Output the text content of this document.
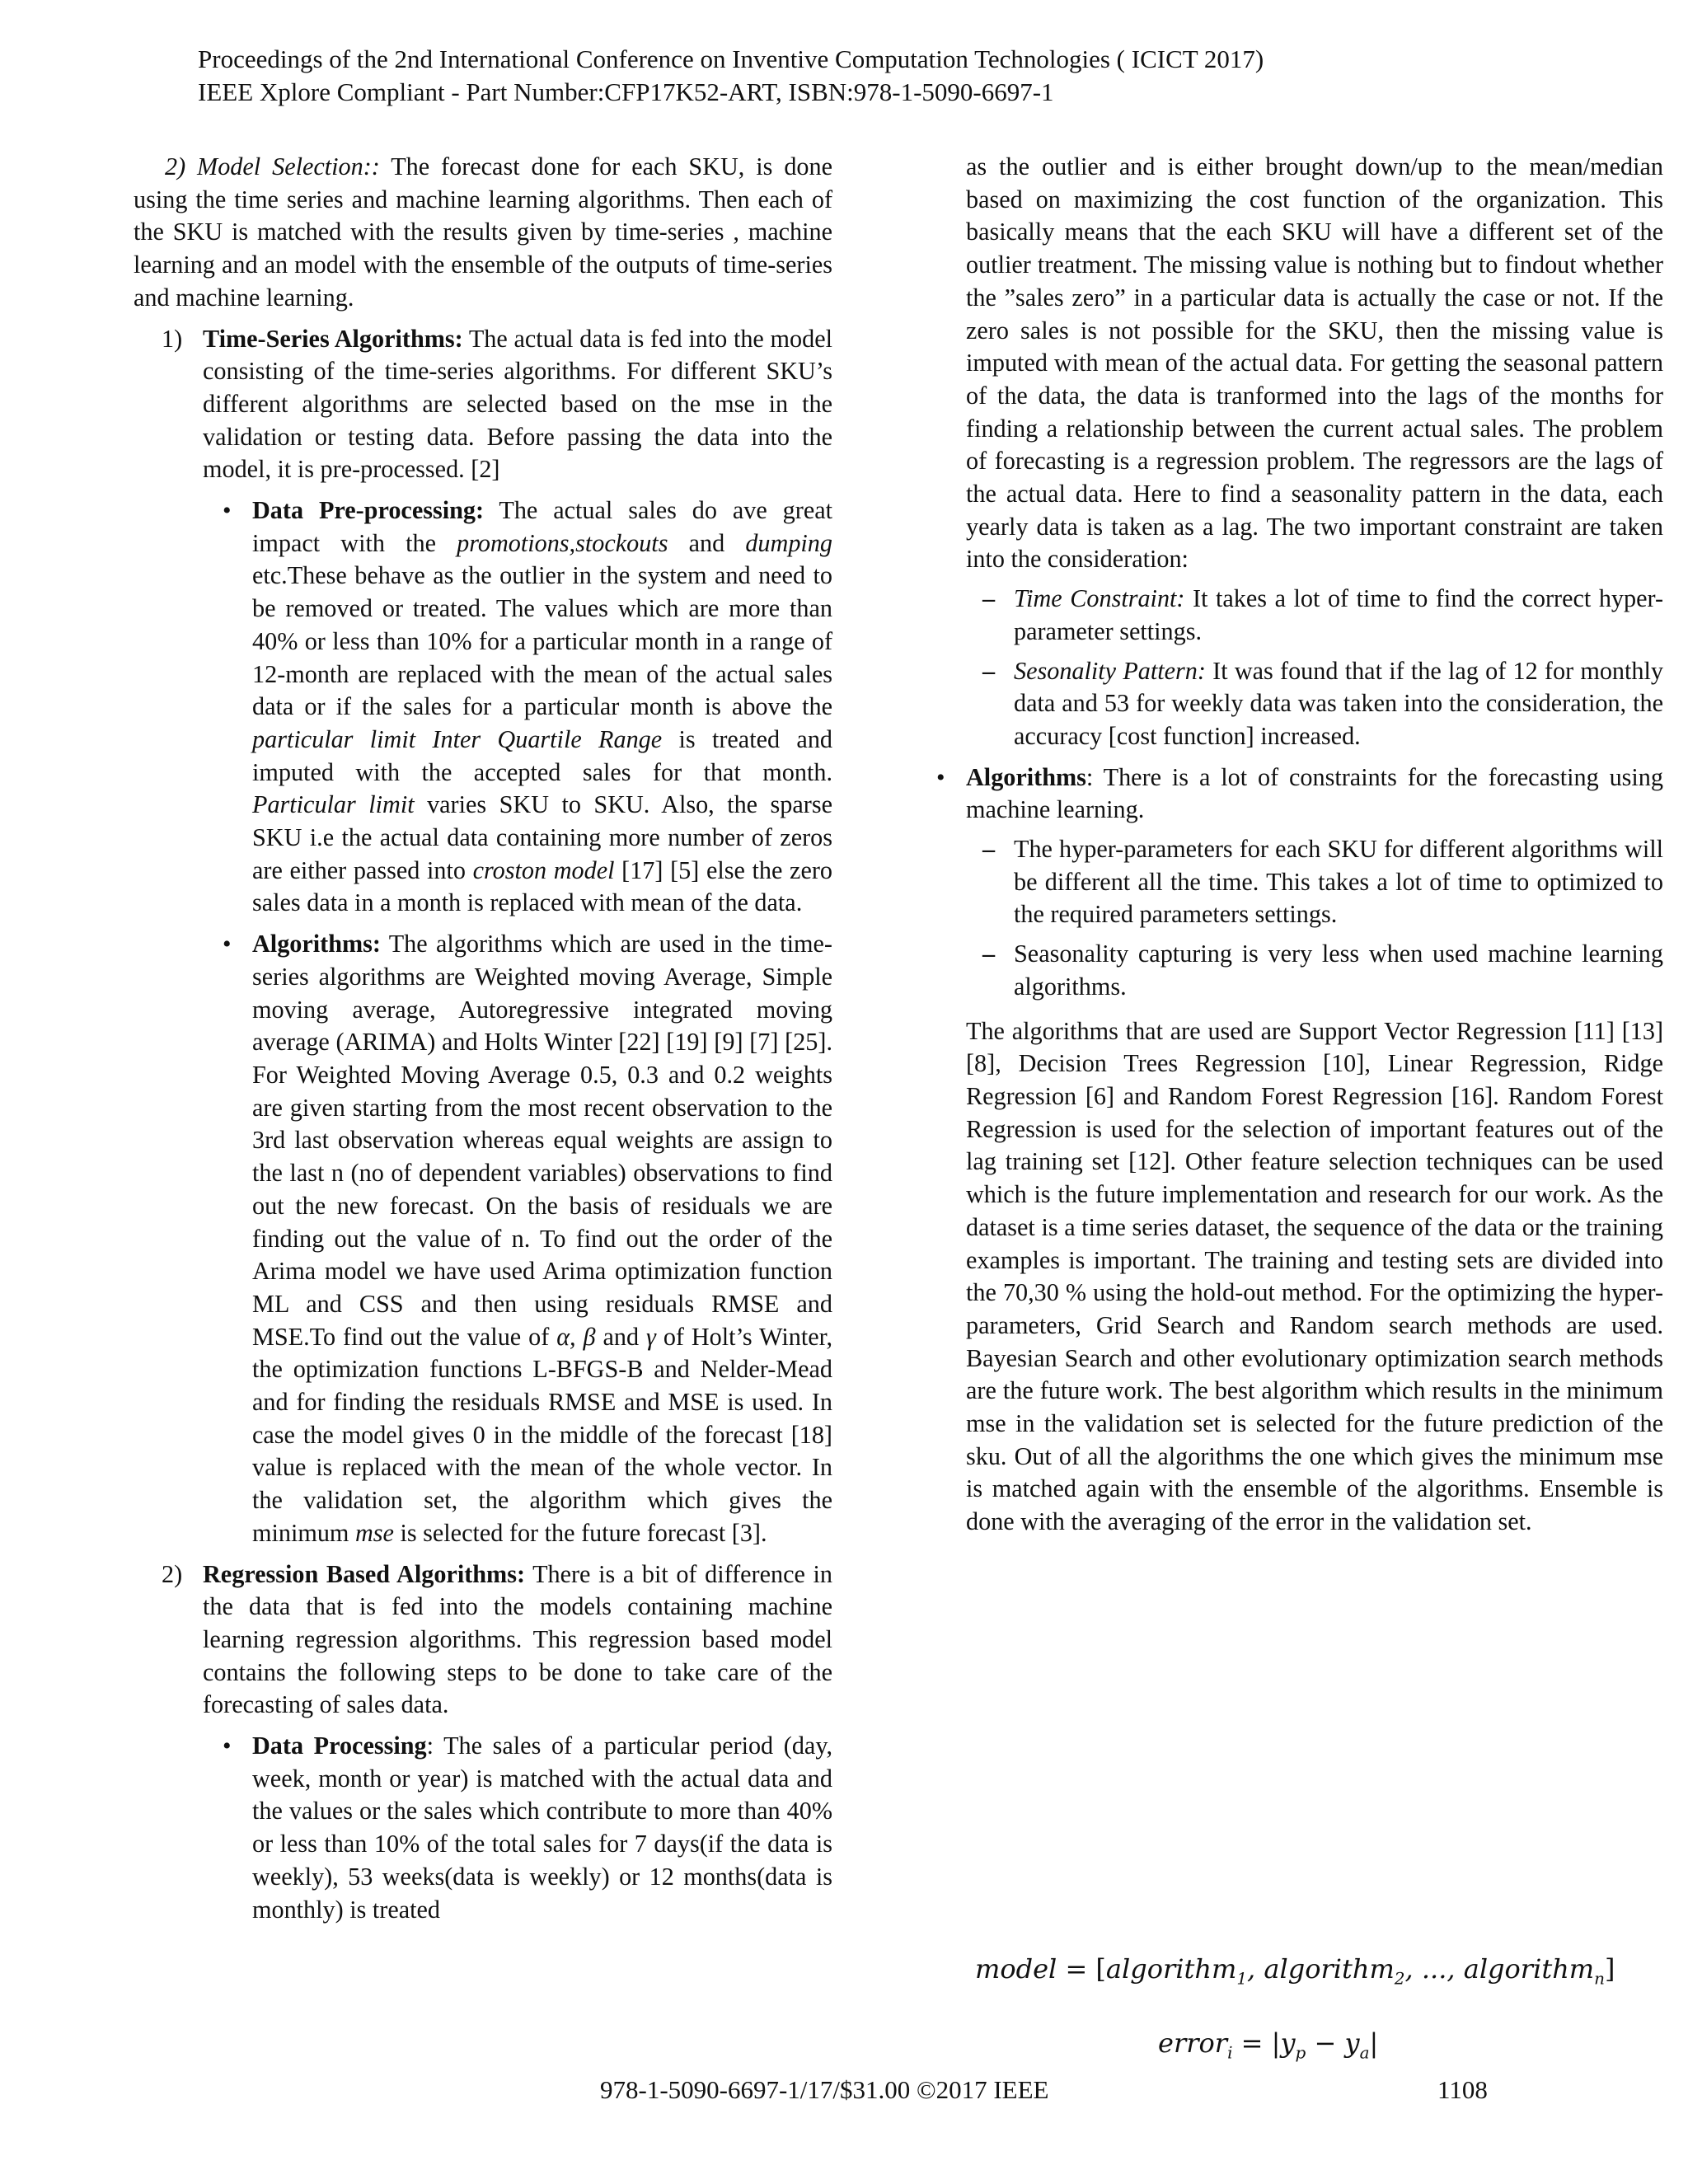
Proceedings of the 2nd International Conference on Inventive Computation Technologies ( ICICT 2017)
IEEE Xplore Compliant - Part Number:CFP17K52-ART, ISBN:978-1-5090-6697-1

2) Model Selection:: The forecast done for each SKU, is done using the time series and machine learning algorithms. Then each of the SKU is matched with the results given by time-series , machine learning and an model with the ensemble of the outputs of time-series and machine learning.

1) Time-Series Algorithms: The actual data is fed into the model consisting of the time-series algorithms. For different SKU’s different algorithms are selected based on the mse in the validation or testing data. Before passing the data into the model, it is pre-processed. [2]

• Data Pre-processing: The actual sales do ave great impact with the promotions,stockouts and dumping etc.These behave as the outlier in the system and need to be removed or treated. The values which are more than 40% or less than 10% for a particular month in a range of 12-month are replaced with the mean of the actual sales data or if the sales for a particular month is above the particular limit Inter Quartile Range is treated and imputed with the accepted sales for that month. Particular limit varies SKU to SKU. Also, the sparse SKU i.e the actual data containing more number of zeros are either passed into croston model [17] [5] else the zero sales data in a month is replaced with mean of the data.

• Algorithms: The algorithms which are used in the time-series algorithms are Weighted moving Average, Simple moving average, Autoregressive integrated moving average (ARIMA) and Holts Winter [22] [19] [9] [7] [25]. For Weighted Moving Average 0.5, 0.3 and 0.2 weights are given starting from the most recent observation to the 3rd last observation whereas equal weights are assign to the last n (no of dependent variables) observations to find out the new forecast. On the basis of residuals we are finding out the value of n. To find out the order of the Arima model we have used Arima optimization function ML and CSS and then using residuals RMSE and MSE.To find out the value of α, β and γ of Holt’s Winter, the optimization functions L-BFGS-B and Nelder-Mead and for finding the residuals RMSE and MSE is used. In case the model gives 0 in the middle of the forecast [18] value is replaced with the mean of the whole vector. In the validation set, the algorithm which gives the minimum mse is selected for the future forecast [3].

2) Regression Based Algorithms: There is a bit of difference in the data that is fed into the models containing machine learning regression algorithms. This regression based model contains the following steps to be done to take care of the forecasting of sales data.

• Data Processing: The sales of a particular period (day, week, month or year) is matched with the actual data and the values or the sales which contribute to more than 40% or less than 10% of the total sales for 7 days(if the data is weekly), 53 weeks(data is weekly) or 12 months(data is monthly) is treated

as the outlier and is either brought down/up to the mean/median based on maximizing the cost function of the organization. This basically means that the each SKU will have a different set of the outlier treatment. The missing value is nothing but to findout whether the ”sales zero” in a particular data is actually the case or not. If the zero sales is not possible for the SKU, then the missing value is imputed with mean of the actual data. For getting the seasonal pattern of the data, the data is tranformed into the lags of the months for finding a relationship between the current actual sales. The problem of forecasting is a regression problem. The regressors are the lags of the actual data. Here to find a seasonality pattern in the data, each yearly data is taken as a lag. The two important constraint are taken into the consideration:

– Time Constraint: It takes a lot of time to find the correct hyper-parameter settings.

– Sesonality Pattern: It was found that if the lag of 12 for monthly data and 53 for weekly data was taken into the consideration, the accuracy [cost function] increased.

• Algorithms: There is a lot of constraints for the forecasting using machine learning.

– The hyper-parameters for each SKU for different algorithms will be different all the time. This takes a lot of time to optimized to the required parameters settings.

– Seasonality capturing is very less when used machine learning algorithms.

The algorithms that are used are Support Vector Regression [11] [13] [8], Decision Trees Regression [10], Linear Regression, Ridge Regression [6] and Random Forest Regression [16]. Random Forest Regression is used for the selection of important features out of the lag training set [12]. Other feature selection techniques can be used which is the future implementation and research for our work. As the dataset is a time series dataset, the sequence of the data or the training examples is important. The training and testing sets are divided into the 70,30 % using the hold-out method. For the optimizing the hyper-parameters, Grid Search and Random search methods are used. Bayesian Search and other evolutionary optimization search methods are the future work. The best algorithm which results in the minimum mse in the validation set is selected for the future prediction of the sku. Out of all the algorithms the one which gives the minimum mse is matched again with the ensemble of the algorithms. Ensemble is done with the averaging of the error in the validation set.

model = [algorithm$_1$, algorithm$_2$, ..., algorithm$_n$]
error$_i$ = $|y_p - y_a|$
978-1-5090-6697-1/17/$31.00 ©2017 IEEE	1108
